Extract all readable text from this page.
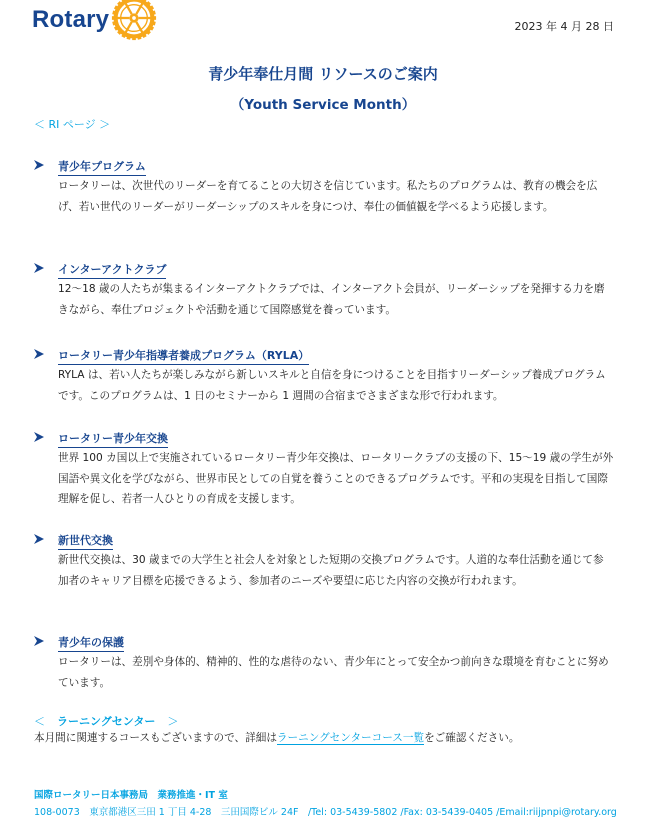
Rotary	2023 年 4 月 28 日
青少年奉仕月間 リソースのご案内
（Youth Service Month）
＜ RI ページ ＞
青少年プログラム
ロータリーは、次世代のリーダーを育てることの大切さを信じています。私たちのプログラムは、教育の機会を広げ、若い世代のリーダーがリーダーシップのスキルを身につけ、奉仕の価値観を学べるよう応援します。
インターアクトクラブ
12～18 歳の人たちが集まるインターアクトクラブでは、インターアクト会員が、リーダーシップを発揮する力を磨きながら、奉仕プロジェクトや活動を通じて国際感覚を養っています。
ロータリー青少年指導者養成プログラム（RYLA）
RYLA は、若い人たちが楽しみながら新しいスキルと自信を身につけることを目指すリーダーシップ養成プログラムです。このプログラムは、1 日のセミナーから 1 週間の合宿までさまざまな形で行われます。
ロータリー青少年交換
世界 100 カ国以上で実施されているロータリー青少年交換は、ロータリークラブの支援の下、15～19 歳の学生が外国語や異文化を学びながら、世界市民としての自覚を養うことのできるプログラムです。平和の実現を目指して国際理解を促し、若者一人ひとりの育成を支援します。
新世代交換
新世代交換は、30 歳までの大学生と社会人を対象とした短期の交換プログラムです。人道的な奉仕活動を通じて参加者のキャリア目標を応援できるよう、参加者のニーズや要望に応じた内容の交換が行われます。
青少年の保護
ロータリーは、差別や身体的、精神的、性的な虐待のない、青少年にとって安全かつ前向きな環境を育むことに努めています。
＜ ラーニングセンター ＞
本月間に関連するコースもございますので、詳細はラーニングセンターコース一覧をご確認ください。
国際ロータリー日本事務局　業務推進・IT 室
108-0073　東京都港区三田 1 丁目 4-28　三田国際ビル 24F　/Tel: 03-5439-5802 /Fax: 03-5439-0405 /Email:riijpnpi@rotary.org
